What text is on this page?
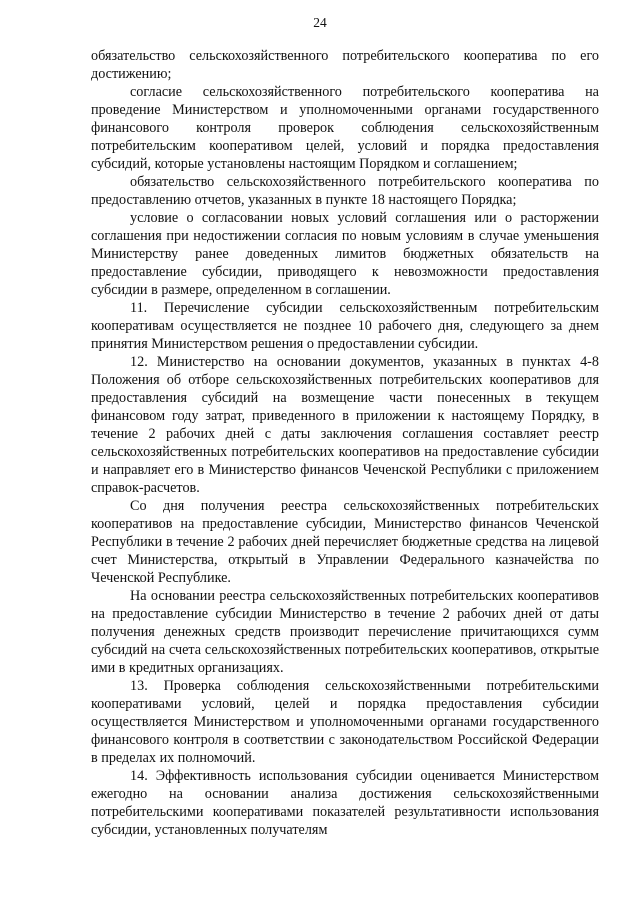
24

обязательство сельскохозяйственного потребительского кооператива по его достижению;

согласие сельскохозяйственного потребительского кооператива на проведение Министерством и уполномоченными органами государственного финансового контроля проверок соблюдения сельскохозяйственным потребительским кооперативом целей, условий и порядка предоставления субсидий, которые установлены настоящим Порядком и соглашением;

обязательство сельскохозяйственного потребительского кооператива по предоставлению отчетов, указанных в пункте 18 настоящего Порядка;

условие о согласовании новых условий соглашения или о расторжении соглашения при недостижении согласия по новым условиям в случае уменьшения Министерству ранее доведенных лимитов бюджетных обязательств на предоставление субсидии, приводящего к невозможности предоставления субсидии в размере, определенном в соглашении.

11. Перечисление субсидии сельскохозяйственным потребительским кооперативам осуществляется не позднее 10 рабочего дня, следующего за днем принятия Министерством решения о предоставлении субсидии.

12. Министерство на основании документов, указанных в пунктах 4-8 Положения об отборе сельскохозяйственных потребительских кооперативов для предоставления субсидий на возмещение части понесенных в текущем финансовом году затрат, приведенного в приложении к настоящему Порядку, в течение 2 рабочих дней с даты заключения соглашения составляет реестр сельскохозяйственных потребительских кооперативов на предоставление субсидии и направляет его в Министерство финансов Чеченской Республики с приложением справок-расчетов.

Со дня получения реестра сельскохозяйственных потребительских кооперативов на предоставление субсидии, Министерство финансов Чеченской Республики в течение 2 рабочих дней перечисляет бюджетные средства на лицевой счет Министерства, открытый в Управлении Федерального казначейства по Чеченской Республике.

На основании реестра сельскохозяйственных потребительских кооперативов на предоставление субсидии Министерство в течение 2 рабочих дней от даты получения денежных средств производит перечисление причитающихся сумм субсидий на счета сельскохозяйственных потребительских кооперативов, открытые ими в кредитных организациях.

13. Проверка соблюдения сельскохозяйственными потребительскими кооперативами условий, целей и порядка предоставления субсидии осуществляется Министерством и уполномоченными органами государственного финансового контроля в соответствии с законодательством Российской Федерации в пределах их полномочий.

14. Эффективность использования субсидии оценивается Министерством ежегодно на основании анализа достижения сельскохозяйственными потребительскими кооперативами показателей результативности использования субсидии, установленных получателям
